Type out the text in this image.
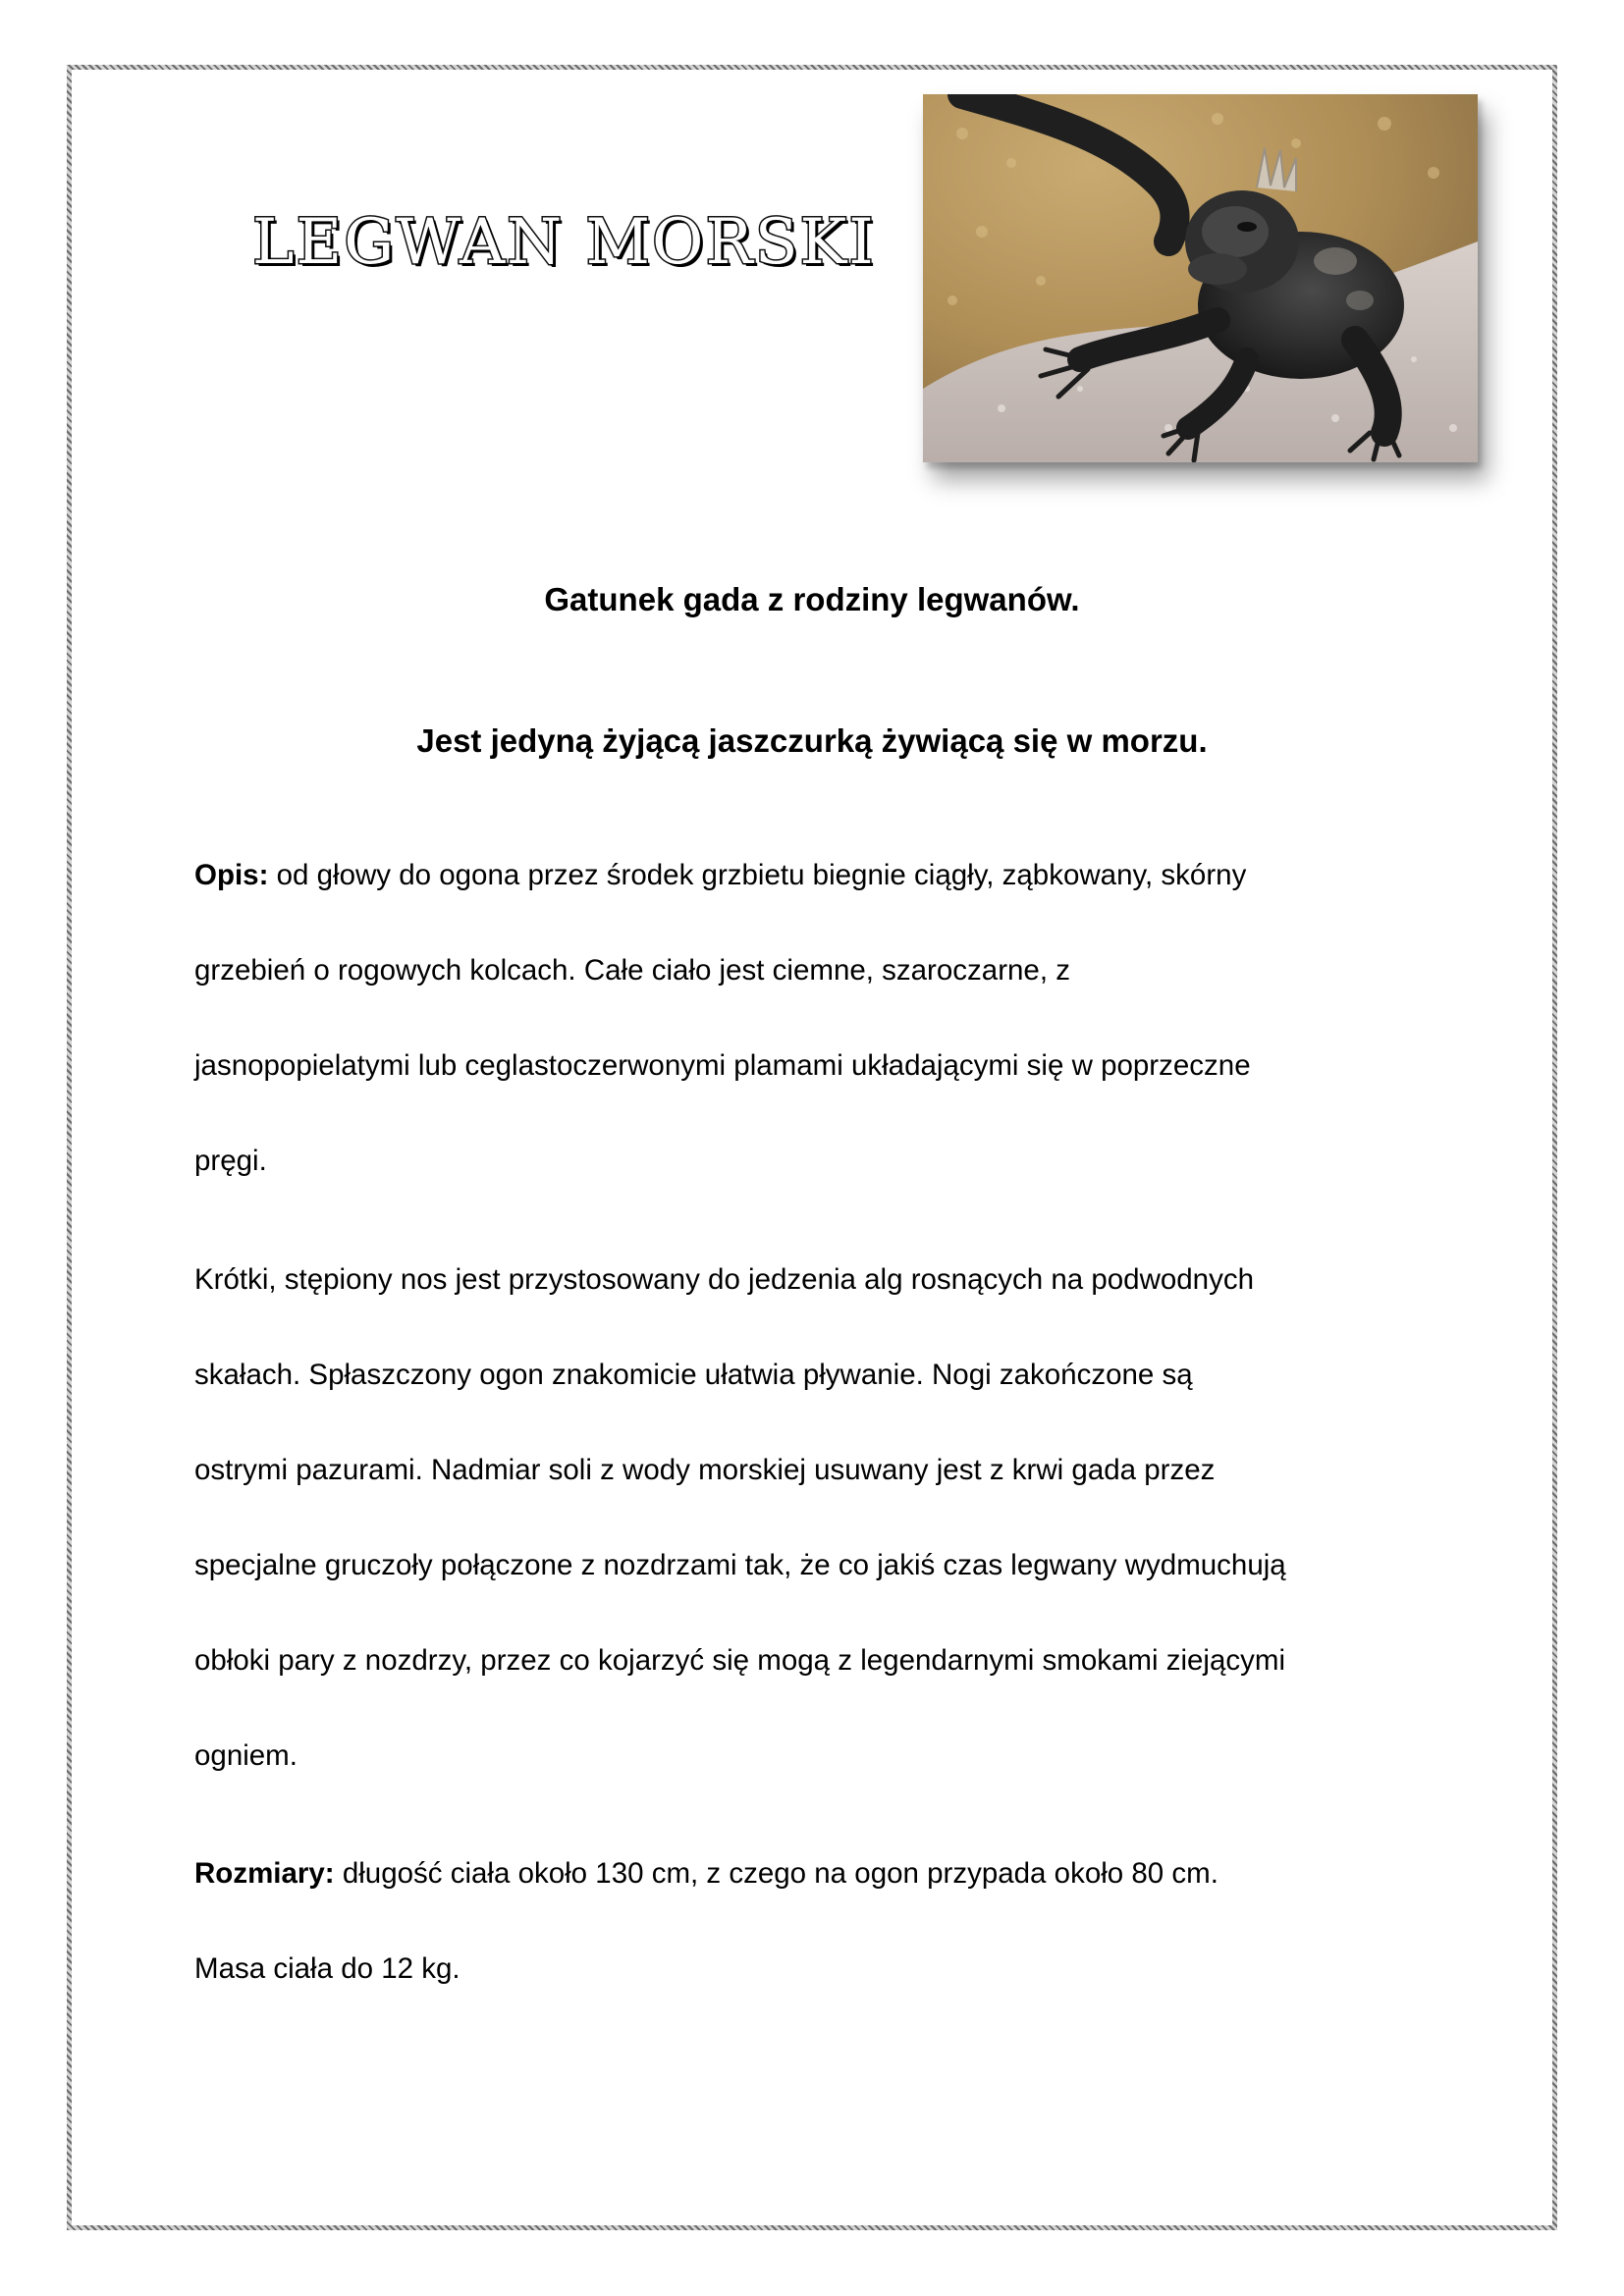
LEGWAN MORSKI

Gatunek gada z rodziny legwanów.

Jest jedyną żyjącą jaszczurką żywiącą się w morzu.

Opis: od głowy do ogona przez środek grzbietu biegnie ciągły, ząbkowany, skórny
grzebień o rogowych kolcach. Całe ciało jest ciemne, szaroczarne, z
jasnopopielatymi lub ceglastoczerwonymi plamami układającymi się w poprzeczne
pręgi.

Krótki, stępiony nos jest przystosowany do jedzenia alg rosnących na podwodnych
skałach. Spłaszczony ogon znakomicie ułatwia pływanie. Nogi zakończone są
ostrymi pazurami. Nadmiar soli z wody morskiej usuwany jest z krwi gada przez
specjalne gruczoły połączone z nozdrzami tak, że co jakiś czas legwany wydmuchują
obłoki pary z nozdrzy, przez co kojarzyć się mogą z legendarnymi smokami ziejącymi
ogniem.

Rozmiary: długość ciała około 130 cm, z czego na ogon przypada około 80 cm.
Masa ciała do 12 kg.
